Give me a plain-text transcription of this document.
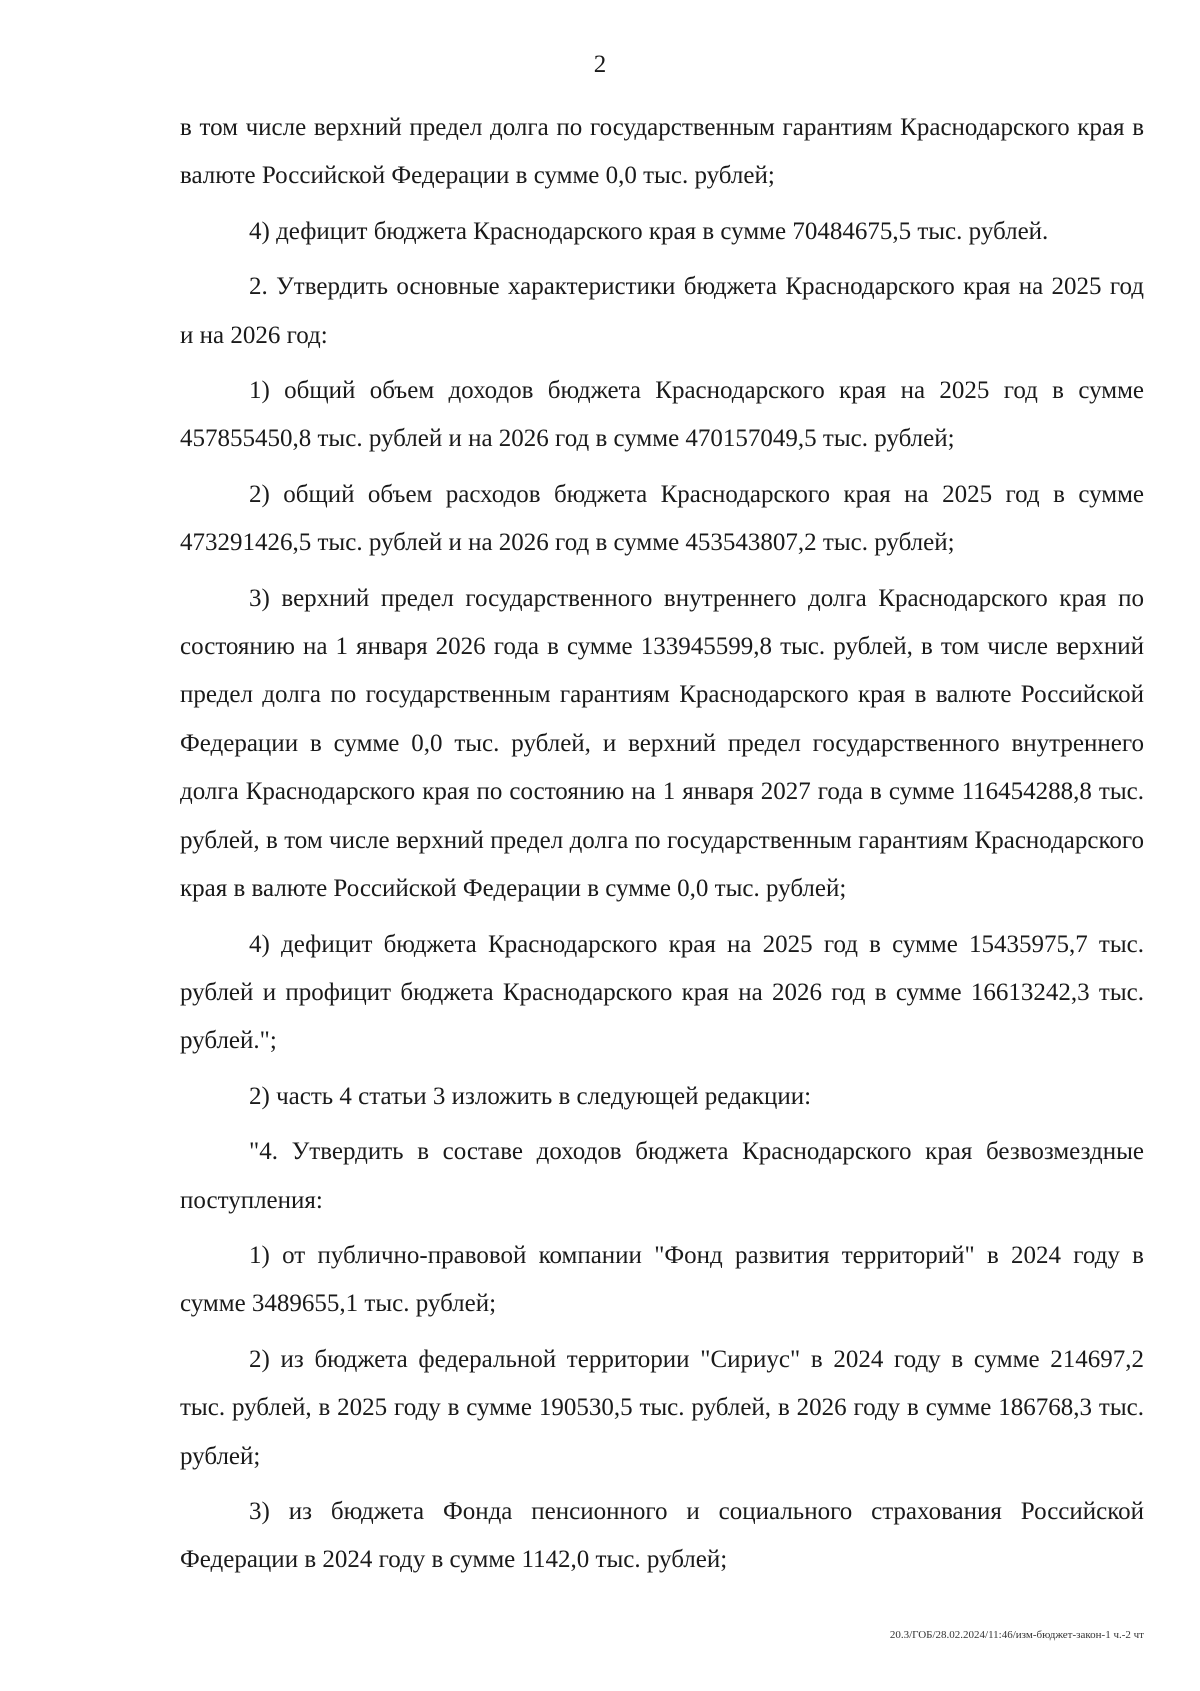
2

в том числе верхний предел долга по государственным гарантиям Краснодарского края в валюте Российской Федерации в сумме 0,0 тыс. рублей;

4) дефицит бюджета Краснодарского края в сумме 70484675,5 тыс. рублей.

2. Утвердить основные характеристики бюджета Краснодарского края на 2025 год и на 2026 год:

1) общий объем доходов бюджета Краснодарского края на 2025 год в сумме 457855450,8 тыс. рублей и на 2026 год в сумме 470157049,5 тыс. рублей;

2) общий объем расходов бюджета Краснодарского края на 2025 год в сумме 473291426,5 тыс. рублей и на 2026 год в сумме 453543807,2 тыс. рублей;

3) верхний предел государственного внутреннего долга Краснодарского края по состоянию на 1 января 2026 года в сумме 133945599,8 тыс. рублей, в том числе верхний предел долга по государственным гарантиям Краснодарского края в валюте Российской Федерации в сумме 0,0 тыс. рублей, и верхний предел государственного внутреннего долга Краснодарского края по состоянию на 1 января 2027 года в сумме 116454288,8 тыс. рублей, в том числе верхний предел долга по государственным гарантиям Краснодарского края в валюте Российской Федерации в сумме 0,0 тыс. рублей;

4) дефицит бюджета Краснодарского края на 2025 год в сумме 15435975,7 тыс. рублей и профицит бюджета Краснодарского края на 2026 год в сумме 16613242,3 тыс. рублей.";

2) часть 4 статьи 3 изложить в следующей редакции:

"4. Утвердить в составе доходов бюджета Краснодарского края безвозмездные поступления:

1) от публично-правовой компании "Фонд развития территорий" в 2024 году в сумме 3489655,1 тыс. рублей;

2) из бюджета федеральной территории "Сириус" в 2024 году в сумме 214697,2 тыс. рублей, в 2025 году в сумме 190530,5 тыс. рублей, в 2026 году в сумме 186768,3 тыс. рублей;

3) из бюджета Фонда пенсионного и социального страхования Российской Федерации в 2024 году в сумме 1142,0 тыс. рублей;

20.3/ГОБ/28.02.2024/11:46/изм-бюджет-закон-1 ч.-2 чт
